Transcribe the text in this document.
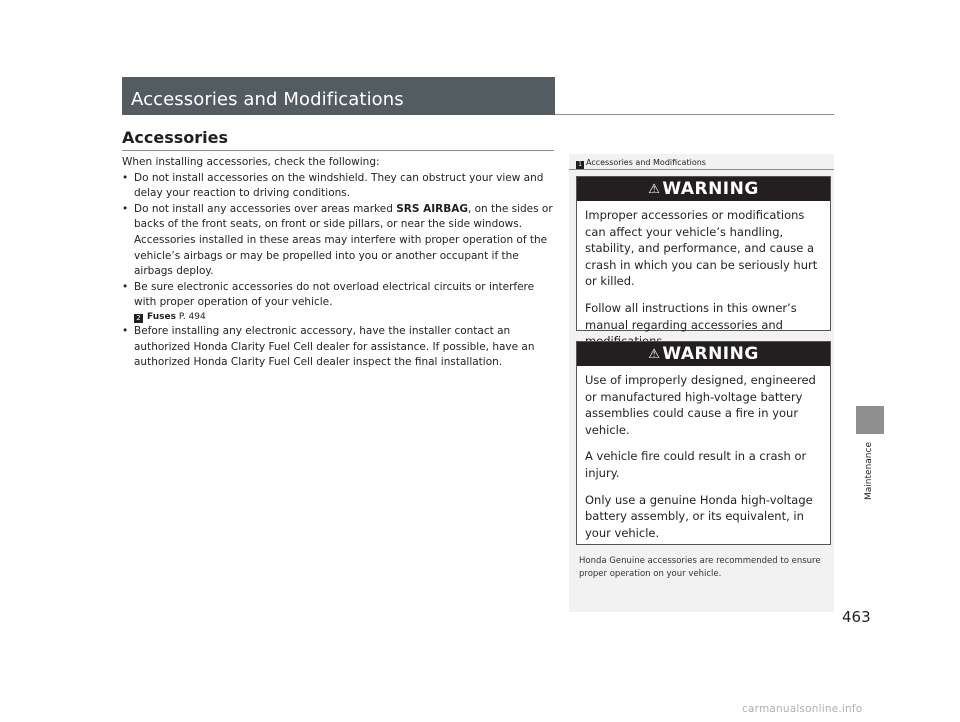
Accessories and Modifications
Accessories

When installing accessories, check the following:

• Do not install accessories on the windshield. They can obstruct your view and delay your reaction to driving conditions.

• Do not install any accessories over areas marked SRS AIRBAG, on the sides or backs of the front seats, on front or side pillars, or near the side windows. Accessories installed in these areas may interfere with proper operation of the vehicle’s airbags or may be propelled into you or another occupant if the airbags deploy.

• Be sure electronic accessories do not overload electrical circuits or interfere with proper operation of your vehicle.

2 Fuses P. 494

• Before installing any electronic accessory, have the installer contact an authorized Honda Clarity Fuel Cell dealer for assistance. If possible, have an authorized Honda Clarity Fuel Cell dealer inspect the final installation.

1 Accessories and Modifications
⚠ WARNING

Improper accessories or modifications can affect your vehicle’s handling, stability, and performance, and cause a crash in which you can be seriously hurt or killed.

Follow all instructions in this owner’s manual regarding accessories and

⚠ WARNING

Use of improperly designed, engineered or manufactured high-voltage battery assemblies could cause a fire in your vehicle.

A vehicle fire could result in a crash or injury.

Only use a genuine Honda high-voltage battery assembly, or its equivalent, in your vehicle.

Honda Genuine accessories are recommended to ensure proper operation on your vehicle.
Maintenance
463
carmanualsonline.info
